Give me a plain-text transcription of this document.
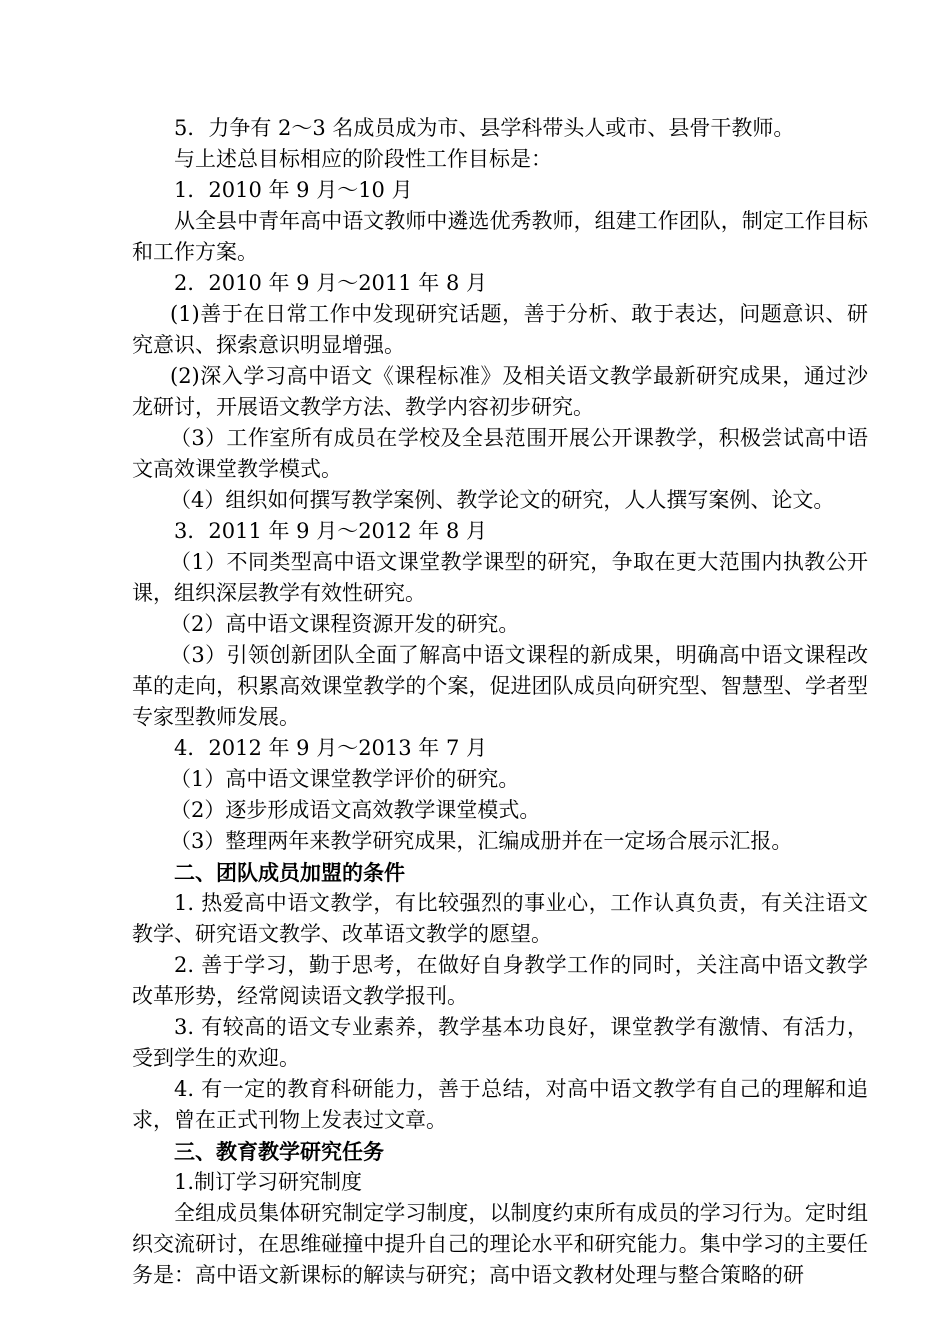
5．力争有 2～3 名成员成为市、县学科带头人或市、县骨干教师。

与上述总目标相应的阶段性工作目标是：

1．2010 年 9 月～10 月

从全县中青年高中语文教师中遴选优秀教师，组建工作团队，制定工作目标和工作方案。

2．2010 年 9 月～2011 年 8 月

(1)善于在日常工作中发现研究话题，善于分析、敢于表达，问题意识、研究意识、探索意识明显增强。

(2)深入学习高中语文《课程标准》及相关语文教学最新研究成果，通过沙龙研讨，开展语文教学方法、教学内容初步研究。

（3）工作室所有成员在学校及全县范围开展公开课教学，积极尝试高中语文高效课堂教学模式。

（4）组织如何撰写教学案例、教学论文的研究，人人撰写案例、论文。

3．2011 年 9 月～2012 年 8 月

（1）不同类型高中语文课堂教学课型的研究，争取在更大范围内执教公开课，组织深层教学有效性研究。

（2）高中语文课程资源开发的研究。

（3）引领创新团队全面了解高中语文课程的新成果，明确高中语文课程改革的走向，积累高效课堂教学的个案，促进团队成员向研究型、智慧型、学者型专家型教师发展。

4．2012 年 9 月～2013 年 7 月

（1）高中语文课堂教学评价的研究。

（2）逐步形成语文高效教学课堂模式。

（3）整理两年来教学研究成果，汇编成册并在一定场合展示汇报。

二、团队成员加盟的条件

1. 热爱高中语文教学，有比较强烈的事业心，工作认真负责，有关注语文教学、研究语文教学、改革语文教学的愿望。

2. 善于学习，勤于思考，在做好自身教学工作的同时，关注高中语文教学改革形势，经常阅读语文教学报刊。

3. 有较高的语文专业素养，教学基本功良好，课堂教学有激情、有活力，受到学生的欢迎。

4. 有一定的教育科研能力，善于总结，对高中语文教学有自己的理解和追求，曾在正式刊物上发表过文章。

三、教育教学研究任务

1.制订学习研究制度

全组成员集体研究制定学习制度，以制度约束所有成员的学习行为。定时组织交流研讨，在思维碰撞中提升自己的理论水平和研究能力。集中学习的主要任务是：高中语文新课标的解读与研究；高中语文教材处理与整合策略的研
